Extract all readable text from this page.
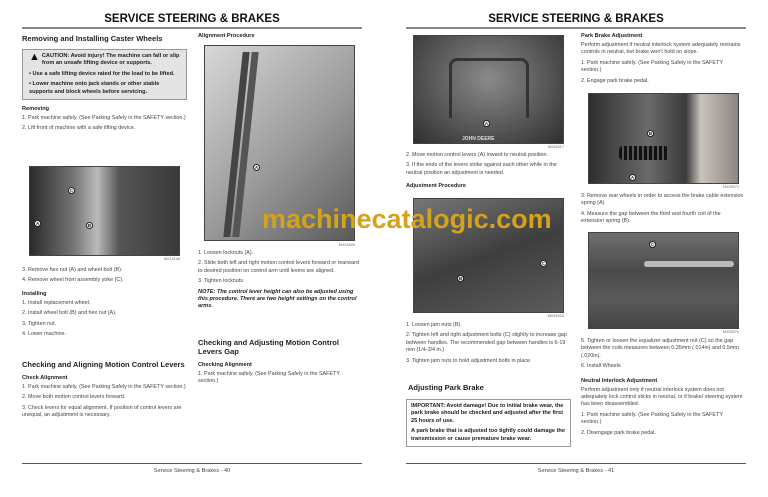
SERVICE STEERING & BRAKES
Removing and Installing Caster Wheels
▲ CAUTION: Avoid injury! The machine can fall or slip from an unsafe lifting device or supports.
• Use a safe lifting device rated for the load to be lifted.
• Lower machine onto jack stands or other stable supports and block wheels before servicing.
Removing
1. Park machine safely. (See Parking Safely in the SAFETY section.)
2. Lift front of machine with a safe lifting device.
C
A	B
MX13146
3. Remove hex nut (A) and wheel bolt (B).
4. Remove wheel from assembly yoke (C).
Installing
1. Install replacement wheel.
2. Install wheel bolt (B) and hex nut (A).
3. Tighten nut.
4. Lower machine.
Checking and Aligning Motion Control Levers
Check Alignment
1. Park machine safely. (See Parking Safely in the SAFETY section.)
2. Move both motion control levers forward.
3. Check levers for equal alignment. If position of control levers are unequal, an adjustment is necessary.
Alignment Procedure
A
MX24920
1. Loosen locknuts (A).
2. Slide both left and right motion control levers forward or rearward to desired position on control arm until levers are aligned.
3. Tighten locknuts.
NOTE: The control lever height can also be adjusted using this procedure. There are two height settings on the control arms.
Checking and Adjusting Motion Control Levers Gap
Checking Alignment
1. Park machine safely. (See Parking Safely in the SAFETY section.)
Service Steering & Brakes - 40
SERVICE STEERING & BRAKES
A
JOHN DEERE
MX24917
2. Move motion control levers (A) inward to neutral position.
3. If the ends of the levers strike against each other while in the neutral position an adjustment is needed.
Adjustment Procedure
B
C
MX24918
1. Loosen jam nuts (B).
2. Tighten left and right adjustment bolts (C) slightly to increase gap between handles. The recommended gap between handles is 6-19 mm (1/4-3/4 in.)
3. Tighten jam nuts to hold adjustment bolts in place.
Adjusting Park Brake
IMPORTANT: Avoid damage! Due to initial brake wear, the park brake should be checked and adjusted after the first 25 hours of use.
A park brake that is adjusted too tightly could damage the transmission or cause premature brake wear.
Park Brake Adjustment
Perform adjustment if neutral interlock system adequately restrains controls in neutral, but brake won't hold on slope.
1. Park machine safely. (See Parking Safely in the SAFETY section.)
2. Engage park brake pedal.
B
A
MX25971
3. Remove rear wheels in order to access the brake cable extension spring (A)
4. Measure the gap between the third and fourth coil of the extension spring (B).
C
MX25970
5. Tighten or loosen the equalizer adjustment nut (C) so the gap between the coils measures between 0.35mm (.014in) and 0.5mm (.020in).
6. Install Wheels
Neutral Interlock Adjustment
Perform adjustment only if neutral interlock system does not adequately lock control sticks in neutral, or if brake/ steering system has been disassembled.
1. Park machine safely. (See Parking Safely in the SAFETY section.)
2. Disengage park brake pedal.
Service Steering & Brakes - 41
machinecatalogic.com
